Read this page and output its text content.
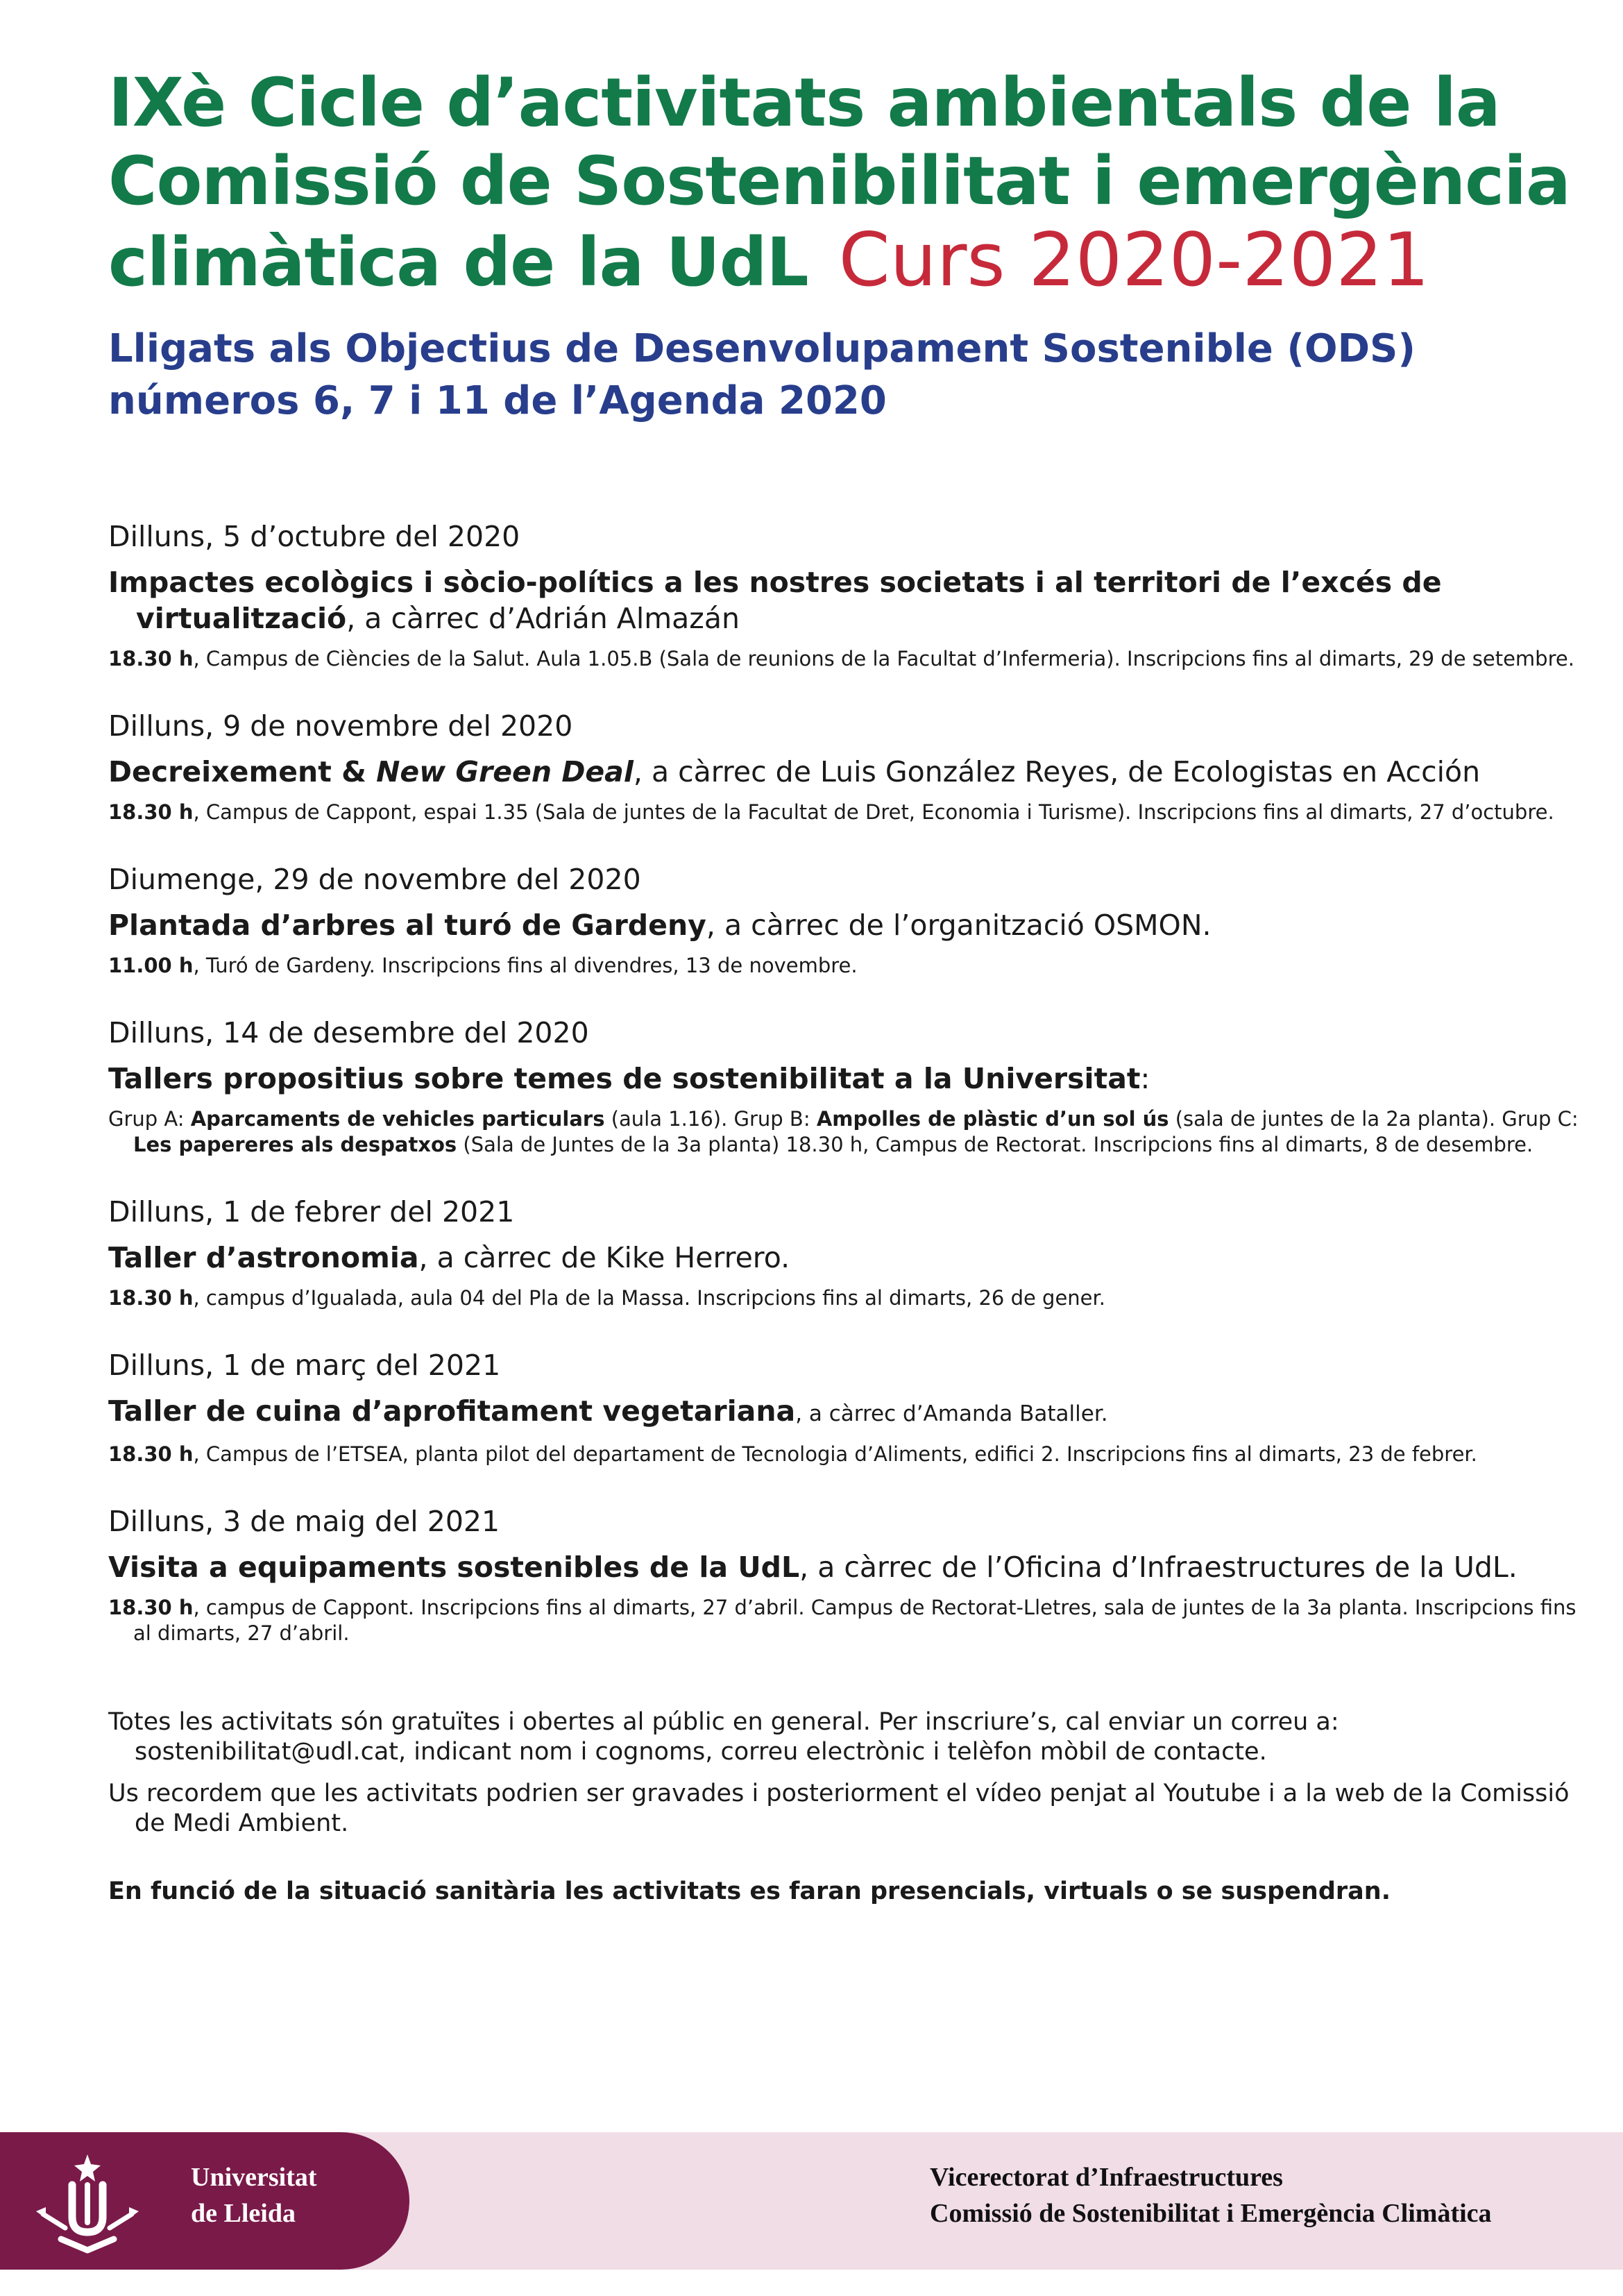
IXè Cicle d’activitats ambientals de la
Comissió de Sostenibilitat i emergència
climàtica de la UdL Curs 2020-2021
Lligats als Objectius de Desenvolupament Sostenible (ODS)
números 6, 7 i 11 de l’Agenda 2020
Dilluns, 5 d’octubre del 2020
Impactes ecològics i sòcio-polítics a les nostres societats i al territori de l’excés de virtualització, a càrrec d’Adrián Almazán
18.30 h, Campus de Ciències de la Salut. Aula 1.05.B (Sala de reunions de la Facultat d’Infermeria). Inscripcions fins al dimarts, 29 de setembre.
Dilluns, 9 de novembre del 2020
Decreixement & New Green Deal, a càrrec de Luis González Reyes, de Ecologistas en Acción
18.30 h, Campus de Cappont, espai 1.35 (Sala de juntes de la Facultat de Dret, Economia i Turisme). Inscripcions fins al dimarts, 27 d’octubre.
Diumenge, 29 de novembre del 2020
Plantada d’arbres al turó de Gardeny, a càrrec de l’organització OSMON.
11.00 h, Turó de Gardeny. Inscripcions fins al divendres, 13 de novembre.
Dilluns, 14 de desembre del 2020
Tallers propositius sobre temes de sostenibilitat a la Universitat:
Grup A: Aparcaments de vehicles particulars (aula 1.16). Grup B: Ampolles de plàstic d’un sol ús (sala de juntes de la 2a planta). Grup C: Les papereres als despatxos (Sala de Juntes de la 3a planta) 18.30 h, Campus de Rectorat. Inscripcions fins al dimarts, 8 de desembre.
Dilluns, 1 de febrer del 2021
Taller d’astronomia, a càrrec de Kike Herrero.
18.30 h, campus d’Igualada, aula 04 del Pla de la Massa. Inscripcions fins al dimarts, 26 de gener.
Dilluns, 1 de març del 2021
Taller de cuina d’aprofitament vegetariana, a càrrec d’Amanda Bataller.
18.30 h, Campus de l’ETSEA, planta pilot del departament de Tecnologia d’Aliments, edifici 2. Inscripcions fins al dimarts, 23 de febrer.
Dilluns, 3 de maig del 2021
Visita a equipaments sostenibles de la UdL, a càrrec de l’Oficina d’Infraestructures de la UdL.
18.30 h, campus de Cappont. Inscripcions fins al dimarts, 27 d’abril. Campus de Rectorat-Lletres, sala de juntes de la 3a planta. Inscripcions fins al dimarts, 27 d’abril.

Totes les activitats són gratuïtes i obertes al públic en general. Per inscriure’s, cal enviar un correu a: sostenibilitat@udl.cat, indicant nom i cognoms, correu electrònic i telèfon mòbil de contacte.

Us recordem que les activitats podrien ser gravades i posteriorment el vídeo penjat al Youtube i a la web de la Comissió de Medi Ambient.

En funció de la situació sanitària les activitats es faran presencials, virtuals o se suspendran.
Universitat
de Lleida
Vicerectorat d’Infraestructures
Comissió de Sostenibilitat i Emergència Climàtica
